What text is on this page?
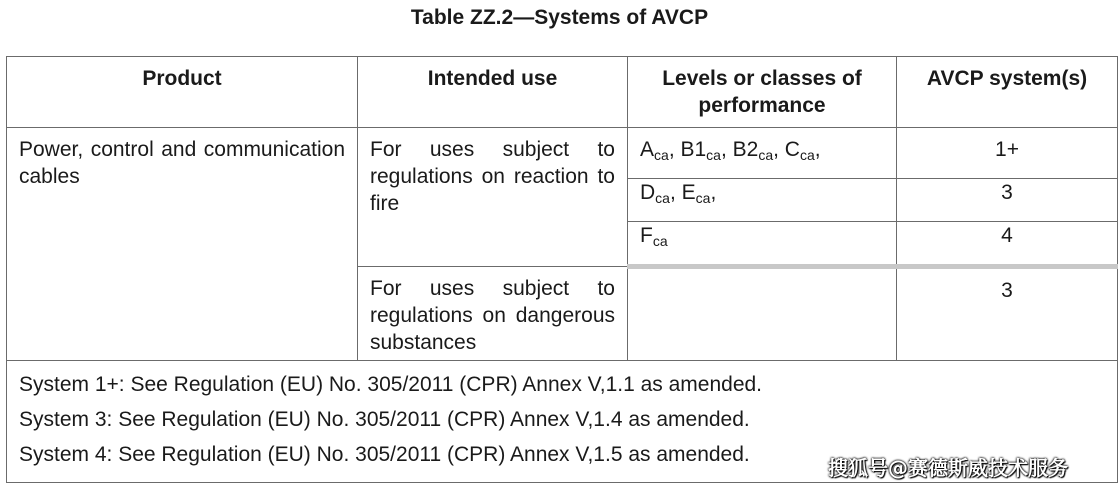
Table ZZ.2—Systems of AVCP
Product	Intended use	Levels or classes of performance	AVCP system(s)
Power, control and communication cables	For uses subject to regulations on reaction to fire	$A_{ca}$, $B1_{ca}$, $B2_{ca}$, $C_{ca}$,	1+
		$D_{ca}$, $E_{ca}$,	3
		$F_{ca}$	4
	For uses subject to regulations on dangerous substances		3

System 1+: See Regulation (EU) No. 305/2011 (CPR) Annex V,1.1 as amended.
System 3: See Regulation (EU) No. 305/2011 (CPR) Annex V,1.4 as amended.
System 4: See Regulation (EU) No. 305/2011 (CPR) Annex V,1.5 as amended.			
搜狐号@赛德斯威技术服务
